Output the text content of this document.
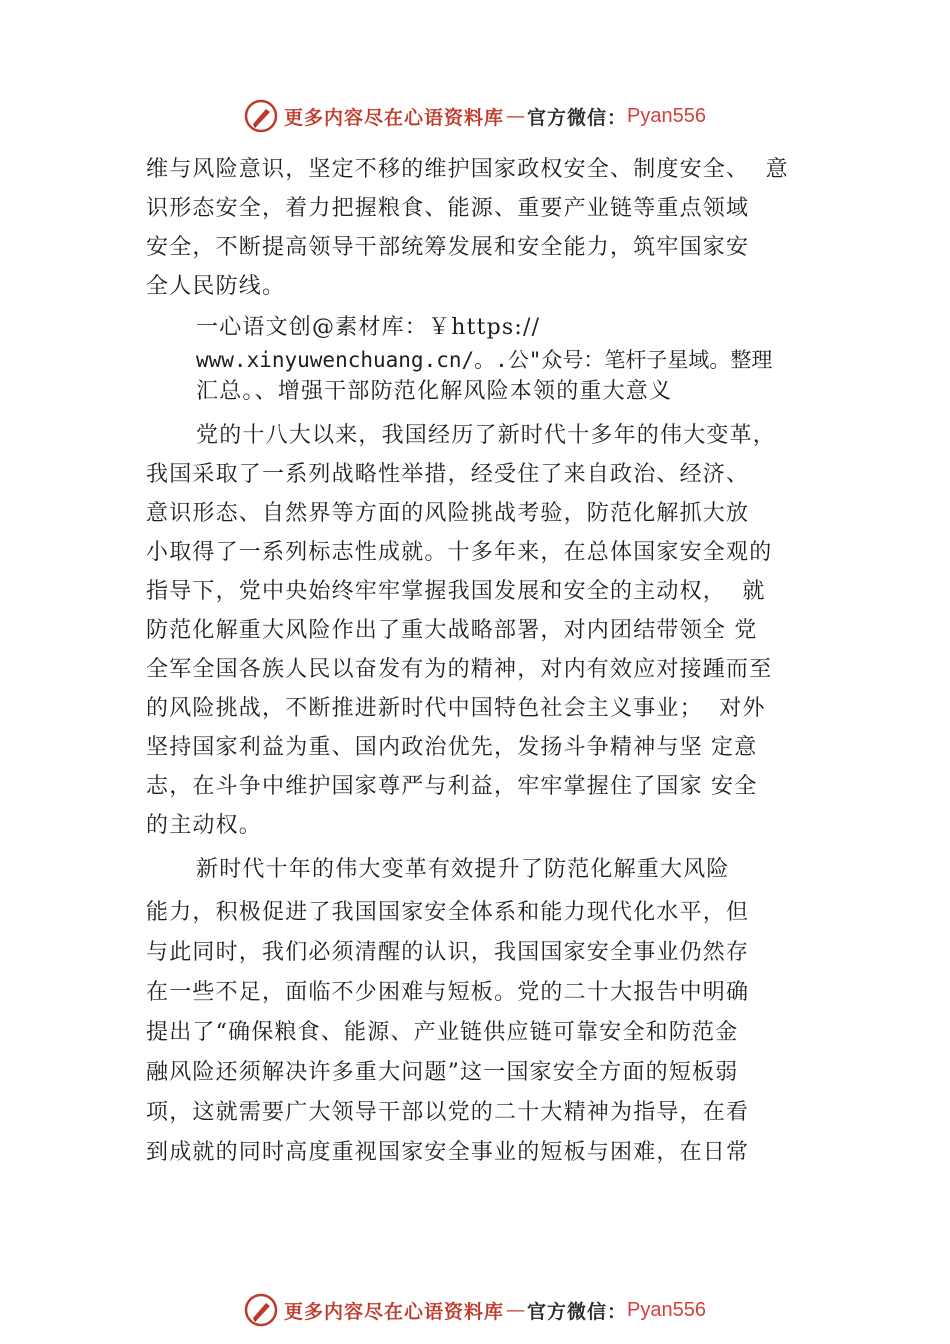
更多内容尽在心语资料库 — 官方微信： Pyan556
维与风险意识，坚定不移的维护国家政权安全、制度安全、  意
识形态安全，着力把握粮食、能源、重要产业链等重点领域
安全，不断提高领导干部统筹发展和安全能力，筑牢国家安
全人民防线。
一心语文创@素材库：￥https://
www.xinyuwenchuang.cn/。.公"众号：笔杆子星域。整理
汇总。、增强干部防范化解风险本领的重大意义
党的十八大以来，我国经历了新时代十多年的伟大变革，
我国采取了一系列战略性举措，经受住了来自政治、经济、
意识形态、自然界等方面的风险挑战考验，防范化解抓大放
小取得了一系列标志性成就。十多年来，在总体国家安全观的
指导下，党中央始终牢牢掌握我国发展和安全的主动权，  就
防范化解重大风险作出了重大战略部署，对内团结带领全 党
全军全国各族人民以奋发有为的精神，对内有效应对接踵而至
的风险挑战，不断推进新时代中国特色社会主义事业；  对外
坚持国家利益为重、国内政治优先，发扬斗争精神与坚 定意
志，在斗争中维护国家尊严与利益，牢牢掌握住了国家 安全
的主动权。
新时代十年的伟大变革有效提升了防范化解重大风险
能力，积极促进了我国国家安全体系和能力现代化水平，但
与此同时，我们必须清醒的认识，我国国家安全事业仍然存
在一些不足，面临不少困难与短板。党的二十大报告中明确
提出了“确保粮食、能源、产业链供应链可靠安全和防范金
融风险还须解决许多重大问题”这一国家安全方面的短板弱
项，这就需要广大领导干部以党的二十大精神为指导，在看
到成就的同时高度重视国家安全事业的短板与困难，在日常
更多内容尽在心语资料库 — 官方微信： Pyan556
